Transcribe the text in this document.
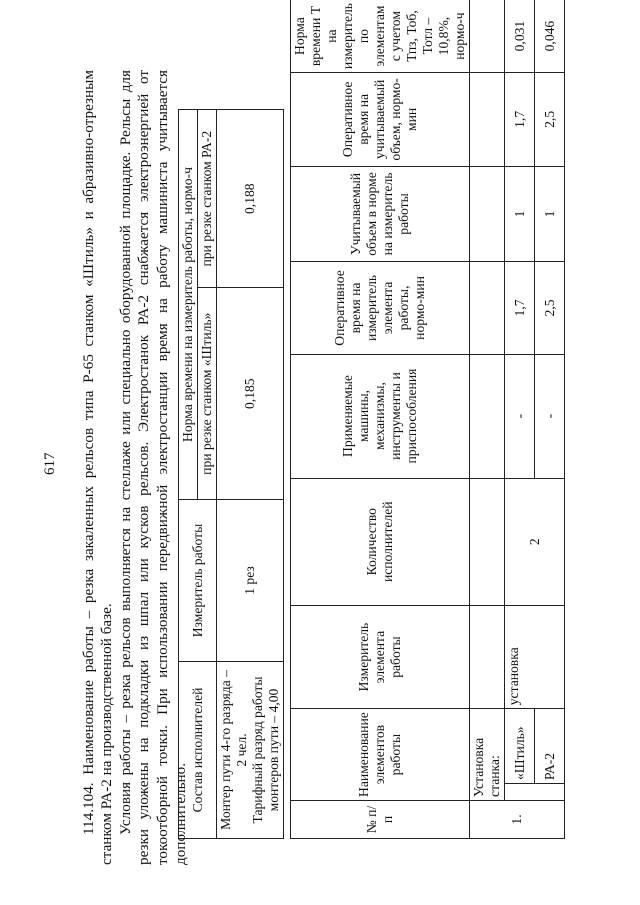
617 114.104. Наименование работы – резка закаленных рельсов типа Р-65 станком «Штиль» и абразивно-отрезным станком РА-2 на производственной базе. Условия работы – резка рельсов выполняется на стеллаже или специально оборудованной площадке. Рельсы для резки уложены на подкладки из шпал или кусков рельсов. Электростанок РА-2 снабжается электроэнергией от токоотборной точки. При использовании передвижной электростанции время на работу машиниста учитывается дополнительно.
Состав исполнителей	Измеритель работы	Норма времени на измеритель работы, нормо-ч	
		при резке станком «Штиль»	при резке станком РА-2

Монтер пути 4-го разряда – 2 чел. Тарифный разряд работы монтеров пути – 4,00	1 рез	0,185	0,188
№ п/п	Наименование элементов работы		Измеритель элемента работы	Количество исполнителей	Применяемые машины, механизмы, инструменты и приспособления	Оперативное время на измеритель элемента работы, нормо-мин	Учитываемый объем в норме на измеритель работы	Оперативное время на учитываемый объем, нормо-мин	Норма времени Т на измеритель по элементам с учетом Тпз, Тоб, Тотл – 10,8%, нормо-ч
1.	Установка станка:								
		«Штиль»	установка	2	-	1,7	1	1,7	0,031
		РА-2			-	2,5	1	2,5	0,046
